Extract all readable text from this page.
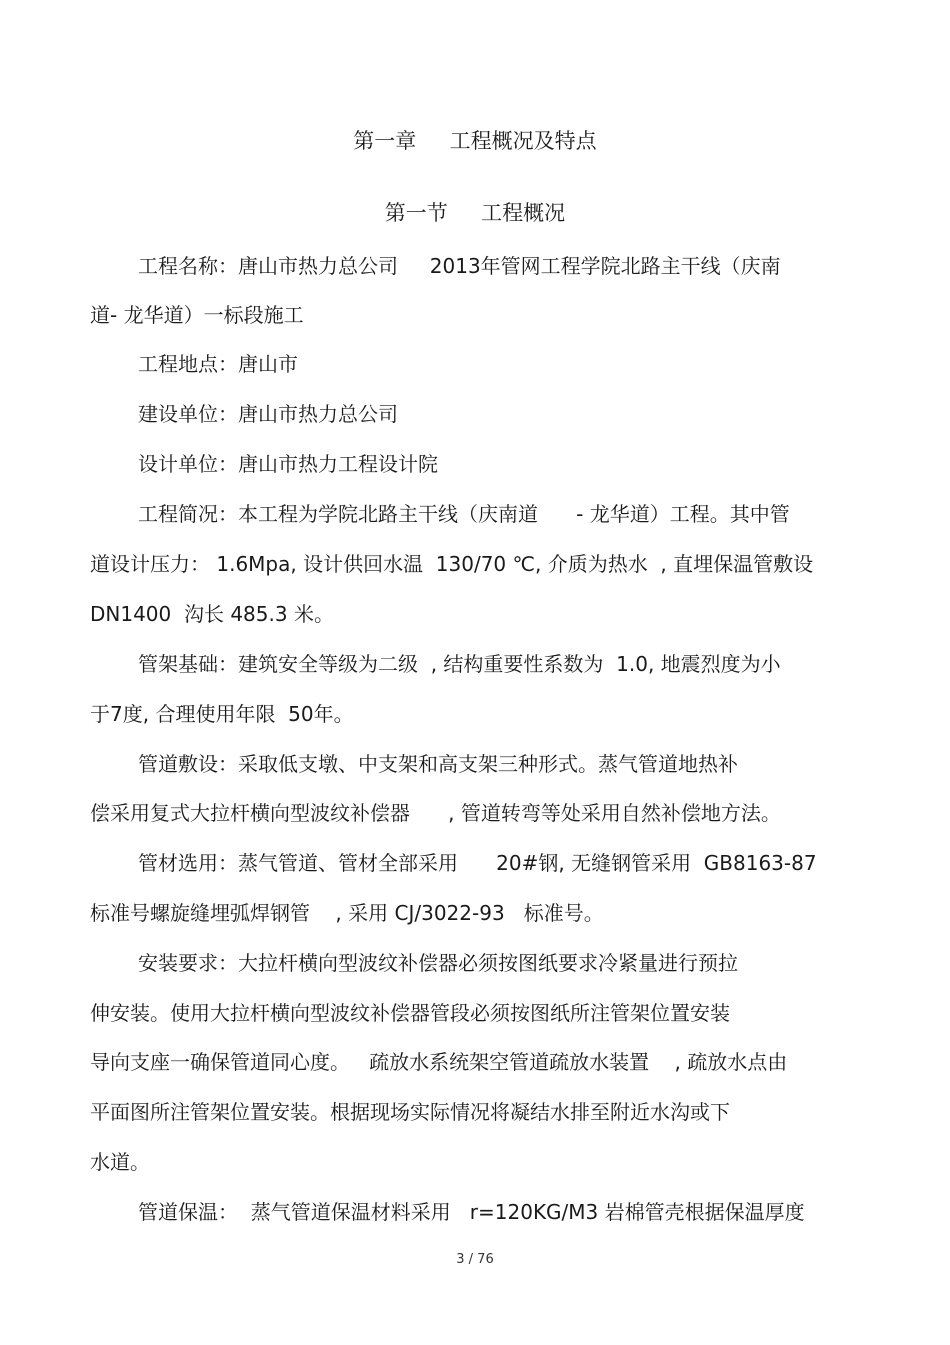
第一章     工程概况及特点
第一节     工程概况
工程名称：唐山市热力总公司     2013年管网工程学院北路主干线（庆南
道- 龙华道）一标段施工
工程地点：唐山市
建设单位：唐山市热力总公司
设计单位：唐山市热力工程设计院
工程简况：本工程为学院北路主干线（庆南道      - 龙华道）工程。其中管
道设计压力： 1.6Mpa, 设计供回水温  130/70 ℃, 介质为热水  , 直埋保温管敷设
DN1400  沟长 485.3 米。
管架基础：建筑安全等级为二级  , 结构重要性系数为  1.0, 地震烈度为小
于7度, 合理使用年限  50年。
管道敷设：采取低支墩、中支架和高支架三种形式。蒸气管道地热补
偿采用复式大拉杆横向型波纹补偿器      , 管道转弯等处采用自然补偿地方法。
管材选用：蒸气管道、管材全部采用      20#钢, 无缝钢管采用  GB8163-87
标准号螺旋缝埋弧焊钢管    , 采用 CJ/3022-93   标准号。
安装要求：大拉杆横向型波纹补偿器必须按图纸要求冷紧量进行预拉
伸安装。使用大拉杆横向型波纹补偿器管段必须按图纸所注管架位置安装
导向支座一确保管道同心度。   疏放水系统架空管道疏放水装置    , 疏放水点由
平面图所注管架位置安装。根据现场实际情况将凝结水排至附近水沟或下
水道。
管道保温：  蒸气管道保温材料采用   r=120KG/M3 岩棉管壳根据保温厚度
3 / 76
